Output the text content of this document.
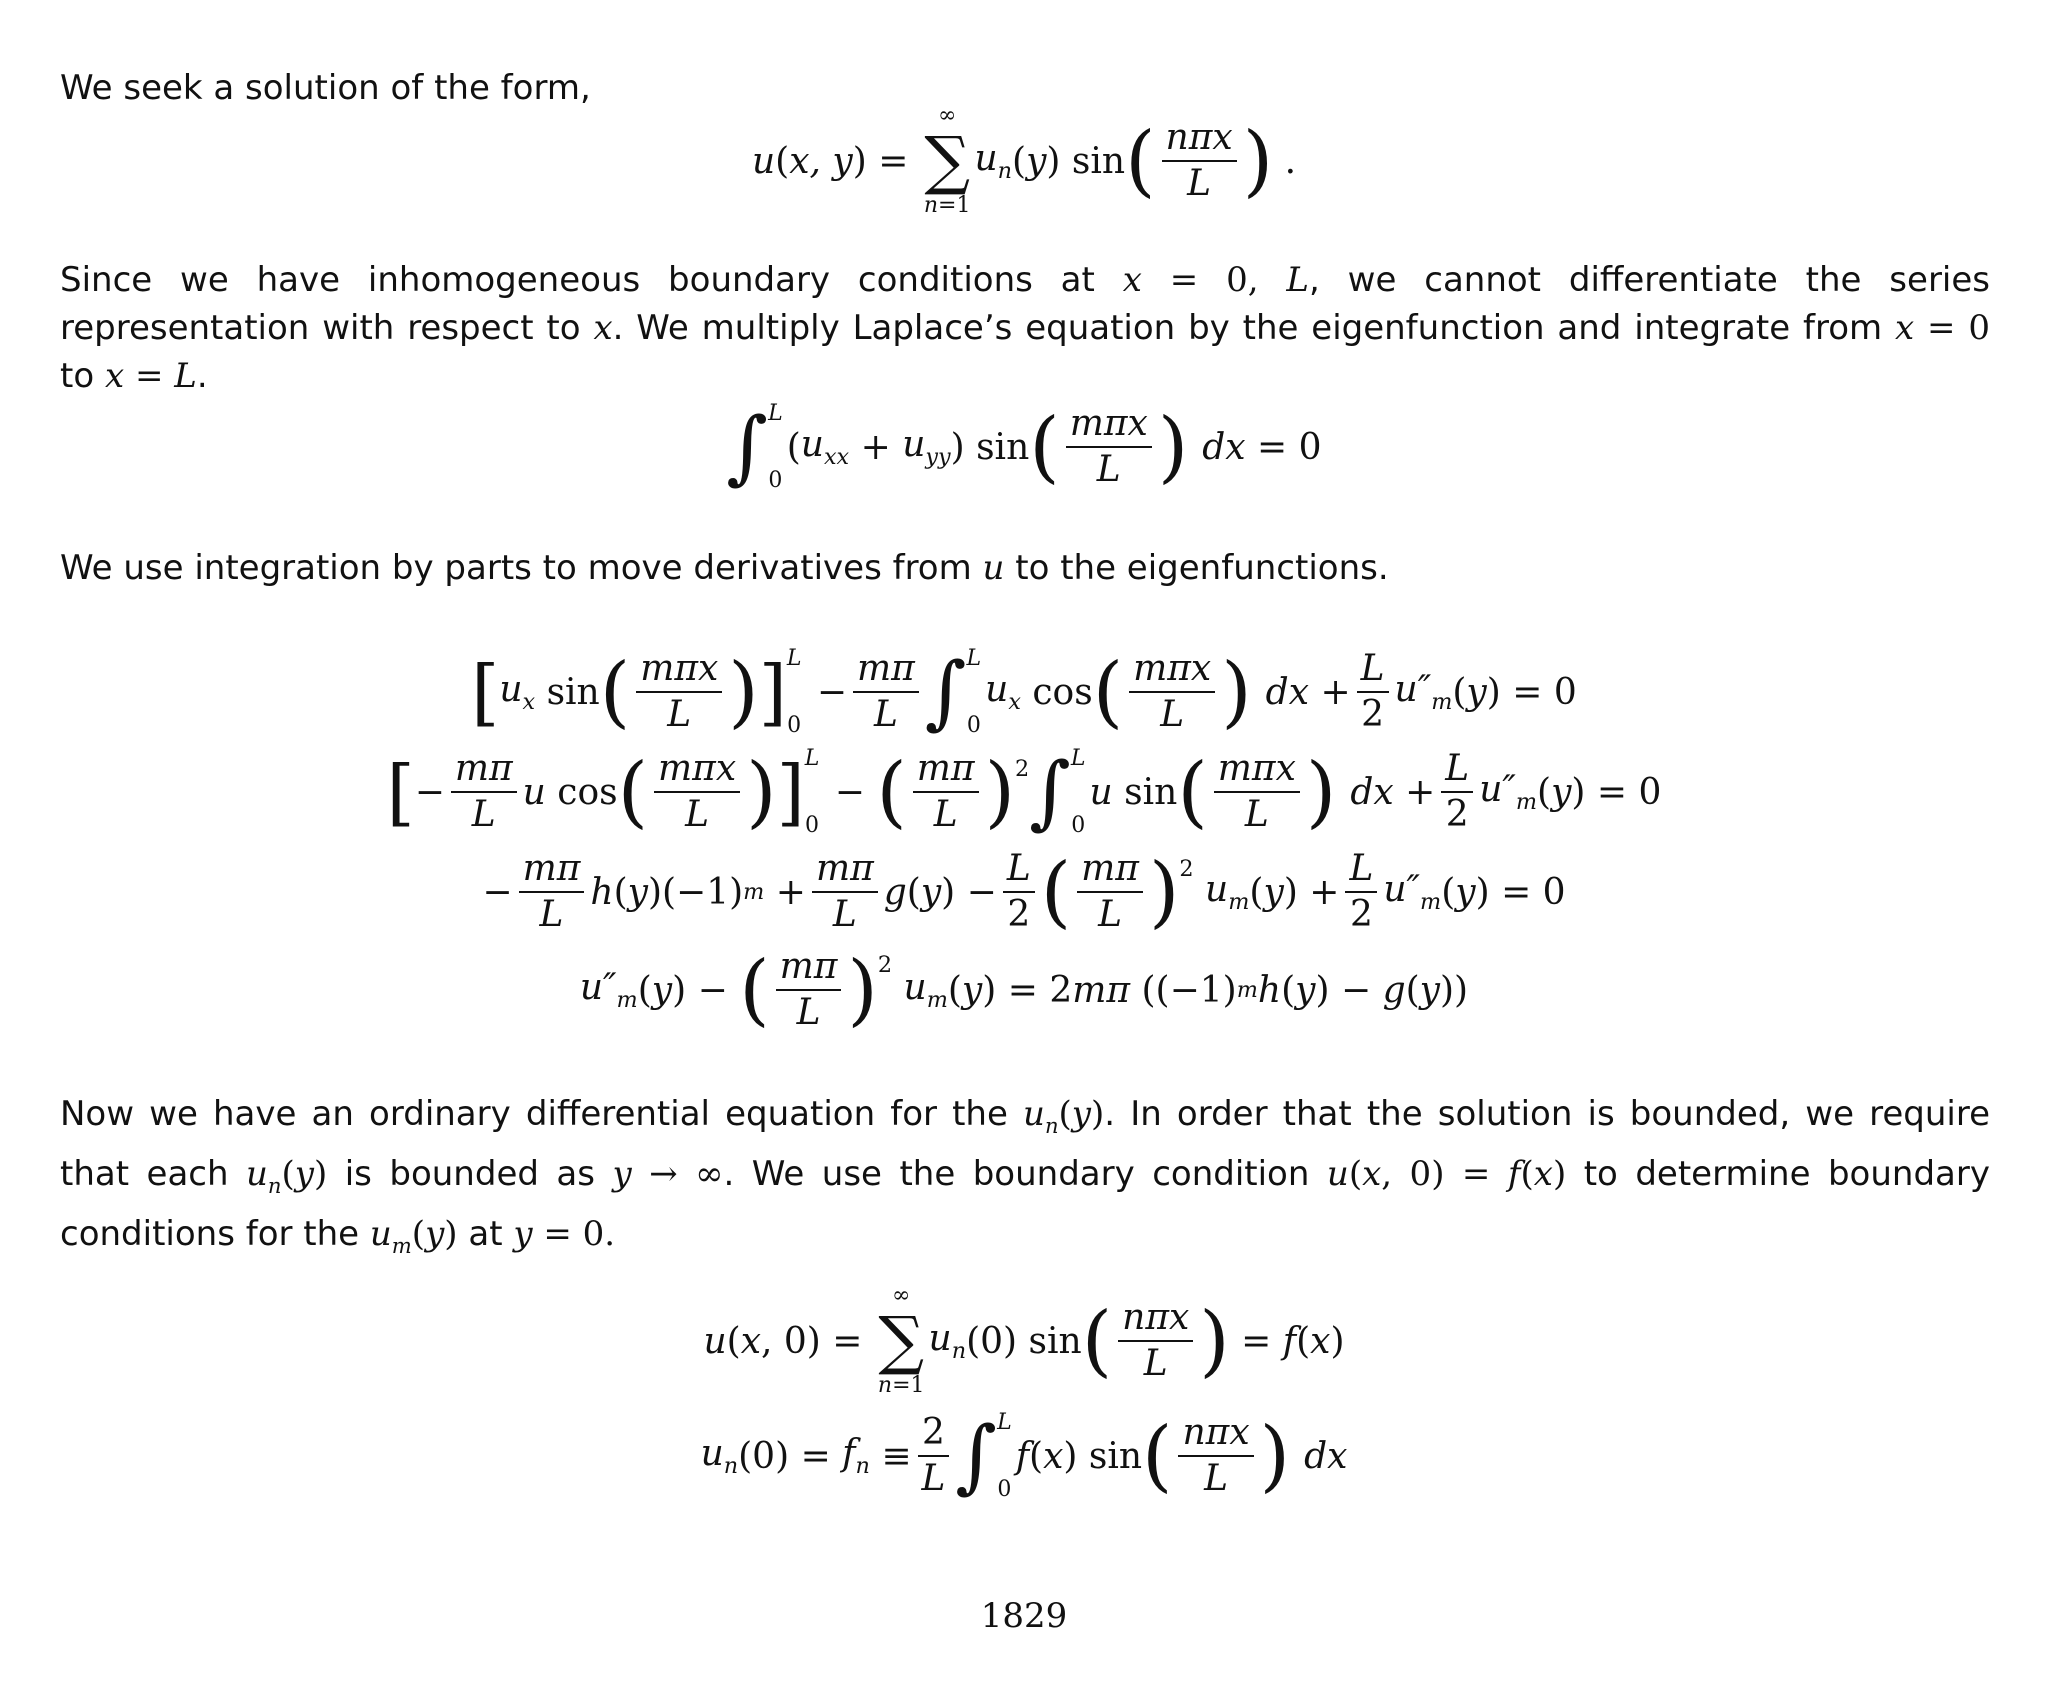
We seek a solution of the form,

u ( x, y ) =
∞
∑
n=1
$u_n$ ( y ) sin ( nπx
L ) .

Since we have inhomogeneous boundary conditions at x = 0, L, we cannot differentiate the series representation with respect to x. We multiply Laplace’s equation by the eigenfunction and integrate from x = 0 to x = L.

∫ L
0
( $u_{xx} + u_{yy}$ ) sin ( mπx
L ) dx = 0

We use integration by parts to move derivatives from u to the eigenfunctions.

[ $u_x$ sin ( mπx
L ) ] L
0
− $\frac{m\pi}{L}$ ∫ L
0
$u_x$ cos ( mπx
L ) dx + $\frac{L}{2} u''_m$ ( y ) = 0
[ − $\frac{m\pi}{L}$ u cos ( mπx
L ) ] L
0
− ( mπ
L )$^2$ ∫ L
0
u sin ( mπx
L ) dx + $\frac{L}{2} u''_m$ ( y ) = 0
− $\frac{m\pi}{L}$ h ( y )(−1) $m + \frac{m\pi}{L}$ g ( y ) − $\frac{L}{2}$ ( mπ
L )$^2$ $u_m$ ( y ) + $\frac{L}{2} u''_m$ ( y ) = 0
$u''_m$ ( y ) − ( mπ
L )$^2$
$u_m$ ( y ) = 2 mπ ((−1) m h ( y ) − g ( y ))

Now we have an ordinary differential equation for the $u_n(y)$. In order that the solution is bounded, we require that each $u_n(y)$ is bounded as y → ∞. We use the boundary condition u(x, 0) = f(x) to determine boundary conditions for the $u_m(y)$ at y = 0.

u ( x , 0) =
∞
∑
n=1
$u_n$ (0) sin ( nπx
L ) = f ( x )
$u_n$ $(0) = f_n$ ≡
2
L ∫ L
0
f ( x ) sin ( nπx
L ) dx
1829
